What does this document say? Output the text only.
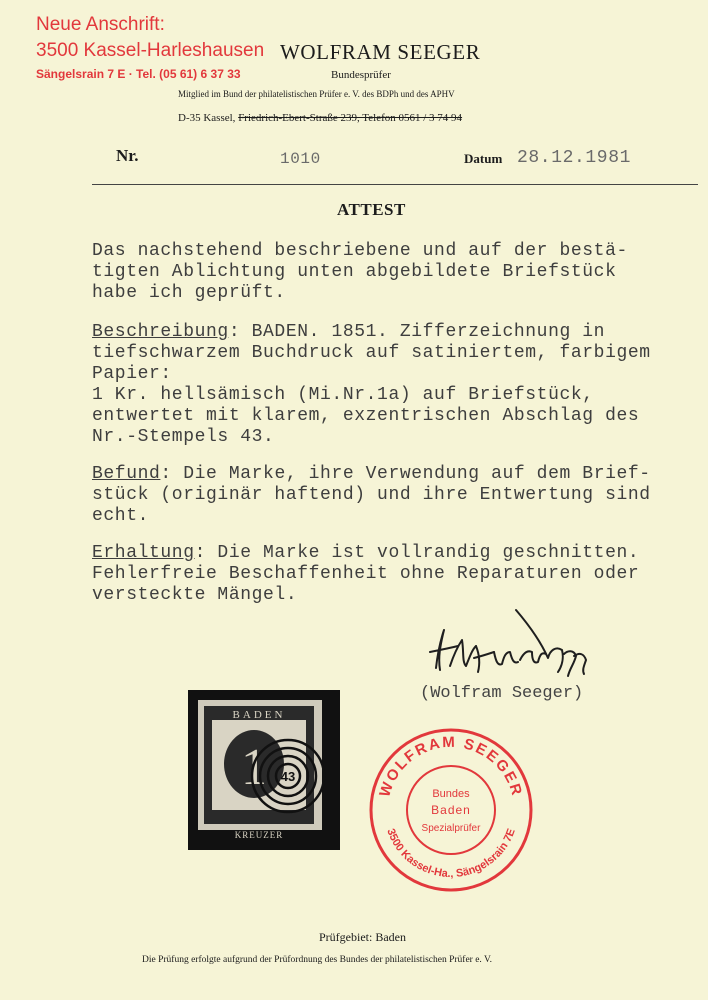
Neue Anschrift:
3500 Kassel-Harleshausen
Sängelsrain 7 E · Tel. (05 61) 6 37 33
WOLFRAM SEEGER
Bundesprüfer
Mitglied im Bund der philatelistischen Prüfer e. V. des BDPh und des APHV
D-35 Kassel, Friedrich-Ebert-Straße 239, Telefon 0561 / 3 74 94
Nr.	1010	Datum 28.12.1981
ATTEST
Das nachstehend beschriebene und auf der bestä-
tigten Ablichtung unten abgebildete Briefstück
habe ich geprüft.
Beschreibung: BADEN. 1851. Zifferzeichnung in
tiefschwarzem Buchdruck auf satiniertem, farbigem
Papier:
1 Kr. hellsämisch (Mi.Nr.1a) auf Briefstück,
entwertet mit klarem, exzentrischen Abschlag des
Nr.-Stempels 43.
Befund: Die Marke, ihre Verwendung auf dem Brief-
stück (originär haftend) und ihre Entwertung sind
echt.
Erhaltung: Die Marke ist vollrandig geschnitten.
Fehlerfreie Beschaffenheit ohne Reparaturen oder
versteckte Mängel.
(Wolfram Seeger)
BADEN
KREUZER
1 43
WOLFRAM SEEGER
3500 Kassel-Ha., Sängelsrain 7E
Bundes
Baden
Spezialprüfer
Prüfgebiet: Baden
Die Prüfung erfolgte aufgrund der Prüfordnung des Bundes der philatelistischen Prüfer e. V.
